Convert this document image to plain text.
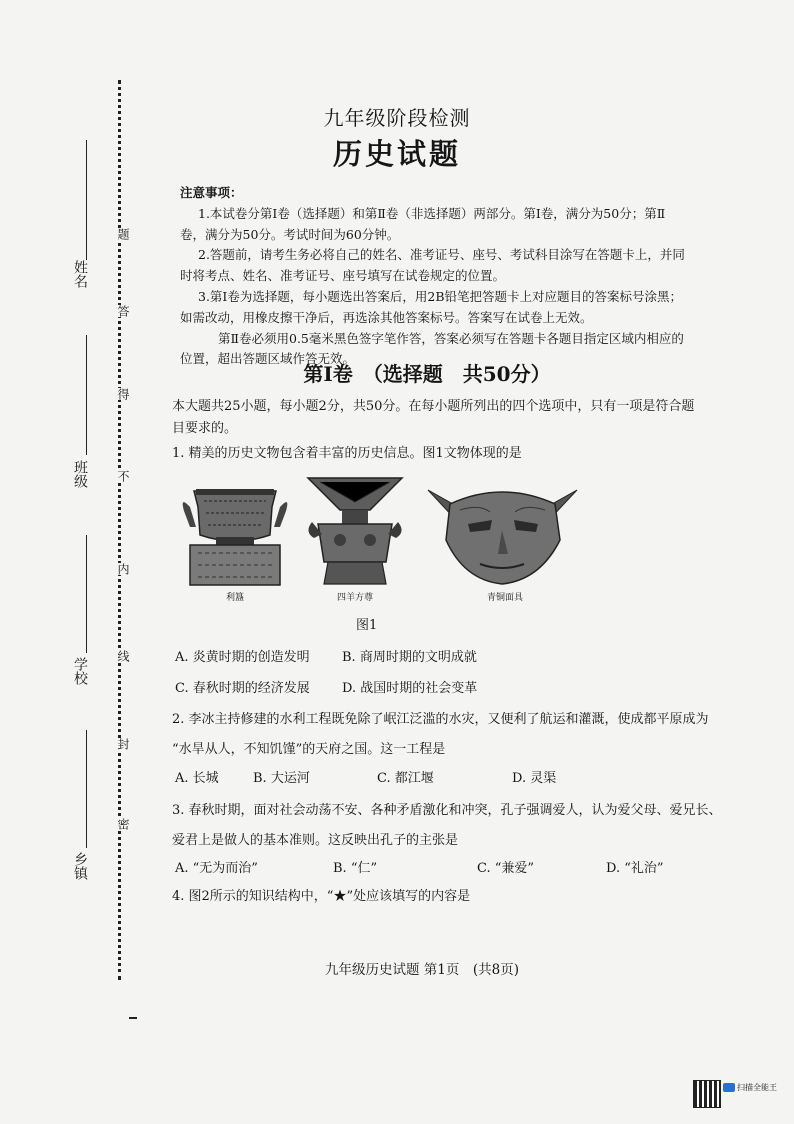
姓名
班级
学校
乡镇
题
答
得
不
内
线
封
密
九年级阶段检测
历史试题

注意事项：

1.本试卷分第Ⅰ卷（选择题）和第Ⅱ卷（非选择题）两部分。第Ⅰ卷，满分为50分；第Ⅱ

卷，满分为50分。考试时间为60分钟。

2.答题前，请考生务必将自己的姓名、准考证号、座号、考试科目涂写在答题卡上，并同

时将考点、姓名、准考证号、座号填写在试卷规定的位置。

3.第Ⅰ卷为选择题，每小题选出答案后，用2B铅笔把答题卡上对应题目的答案标号涂黑；

如需改动，用橡皮擦干净后，再选涂其他答案标号。答案写在试卷上无效。

第Ⅱ卷必须用0.5毫米黑色签字笔作答，答案必须写在答题卡各题目指定区域内相应的

位置，超出答题区域作答无效。

第Ⅰ卷　（选择题　共50分）
本大题共25小题，每小题2分，共50分。在每小题所列出的四个选项中，只有一项是符合题
目要求的。
1. 精美的历史文物包含着丰富的历史信息。图1文物体现的是
利簋	四羊方尊	青铜面具
图1
A. 炎黄时期的创造发明 B. 商周时期的文明成就
C. 春秋时期的经济发展 D. 战国时期的社会变革
2. 李冰主持修建的水利工程既免除了岷江泛滥的水灾，又便利了航运和灌溉，使成都平原成为
“水旱从人，不知饥馑”的天府之国。这一工程是
A. 长城	B. 大运河	C. 都江堰	D. 灵渠
3. 春秋时期，面对社会动荡不安、各种矛盾激化和冲突，孔子强调爱人，认为爱父母、爱兄长、
爱君上是做人的基本准则。这反映出孔子的主张是
A. “无为而治”	B. “仁”	C. “兼爱”	D. “礼治”
4. 图2所示的知识结构中，“★”处应该填写的内容是
九年级历史试题 第1页　(共8页)
扫描全能王
